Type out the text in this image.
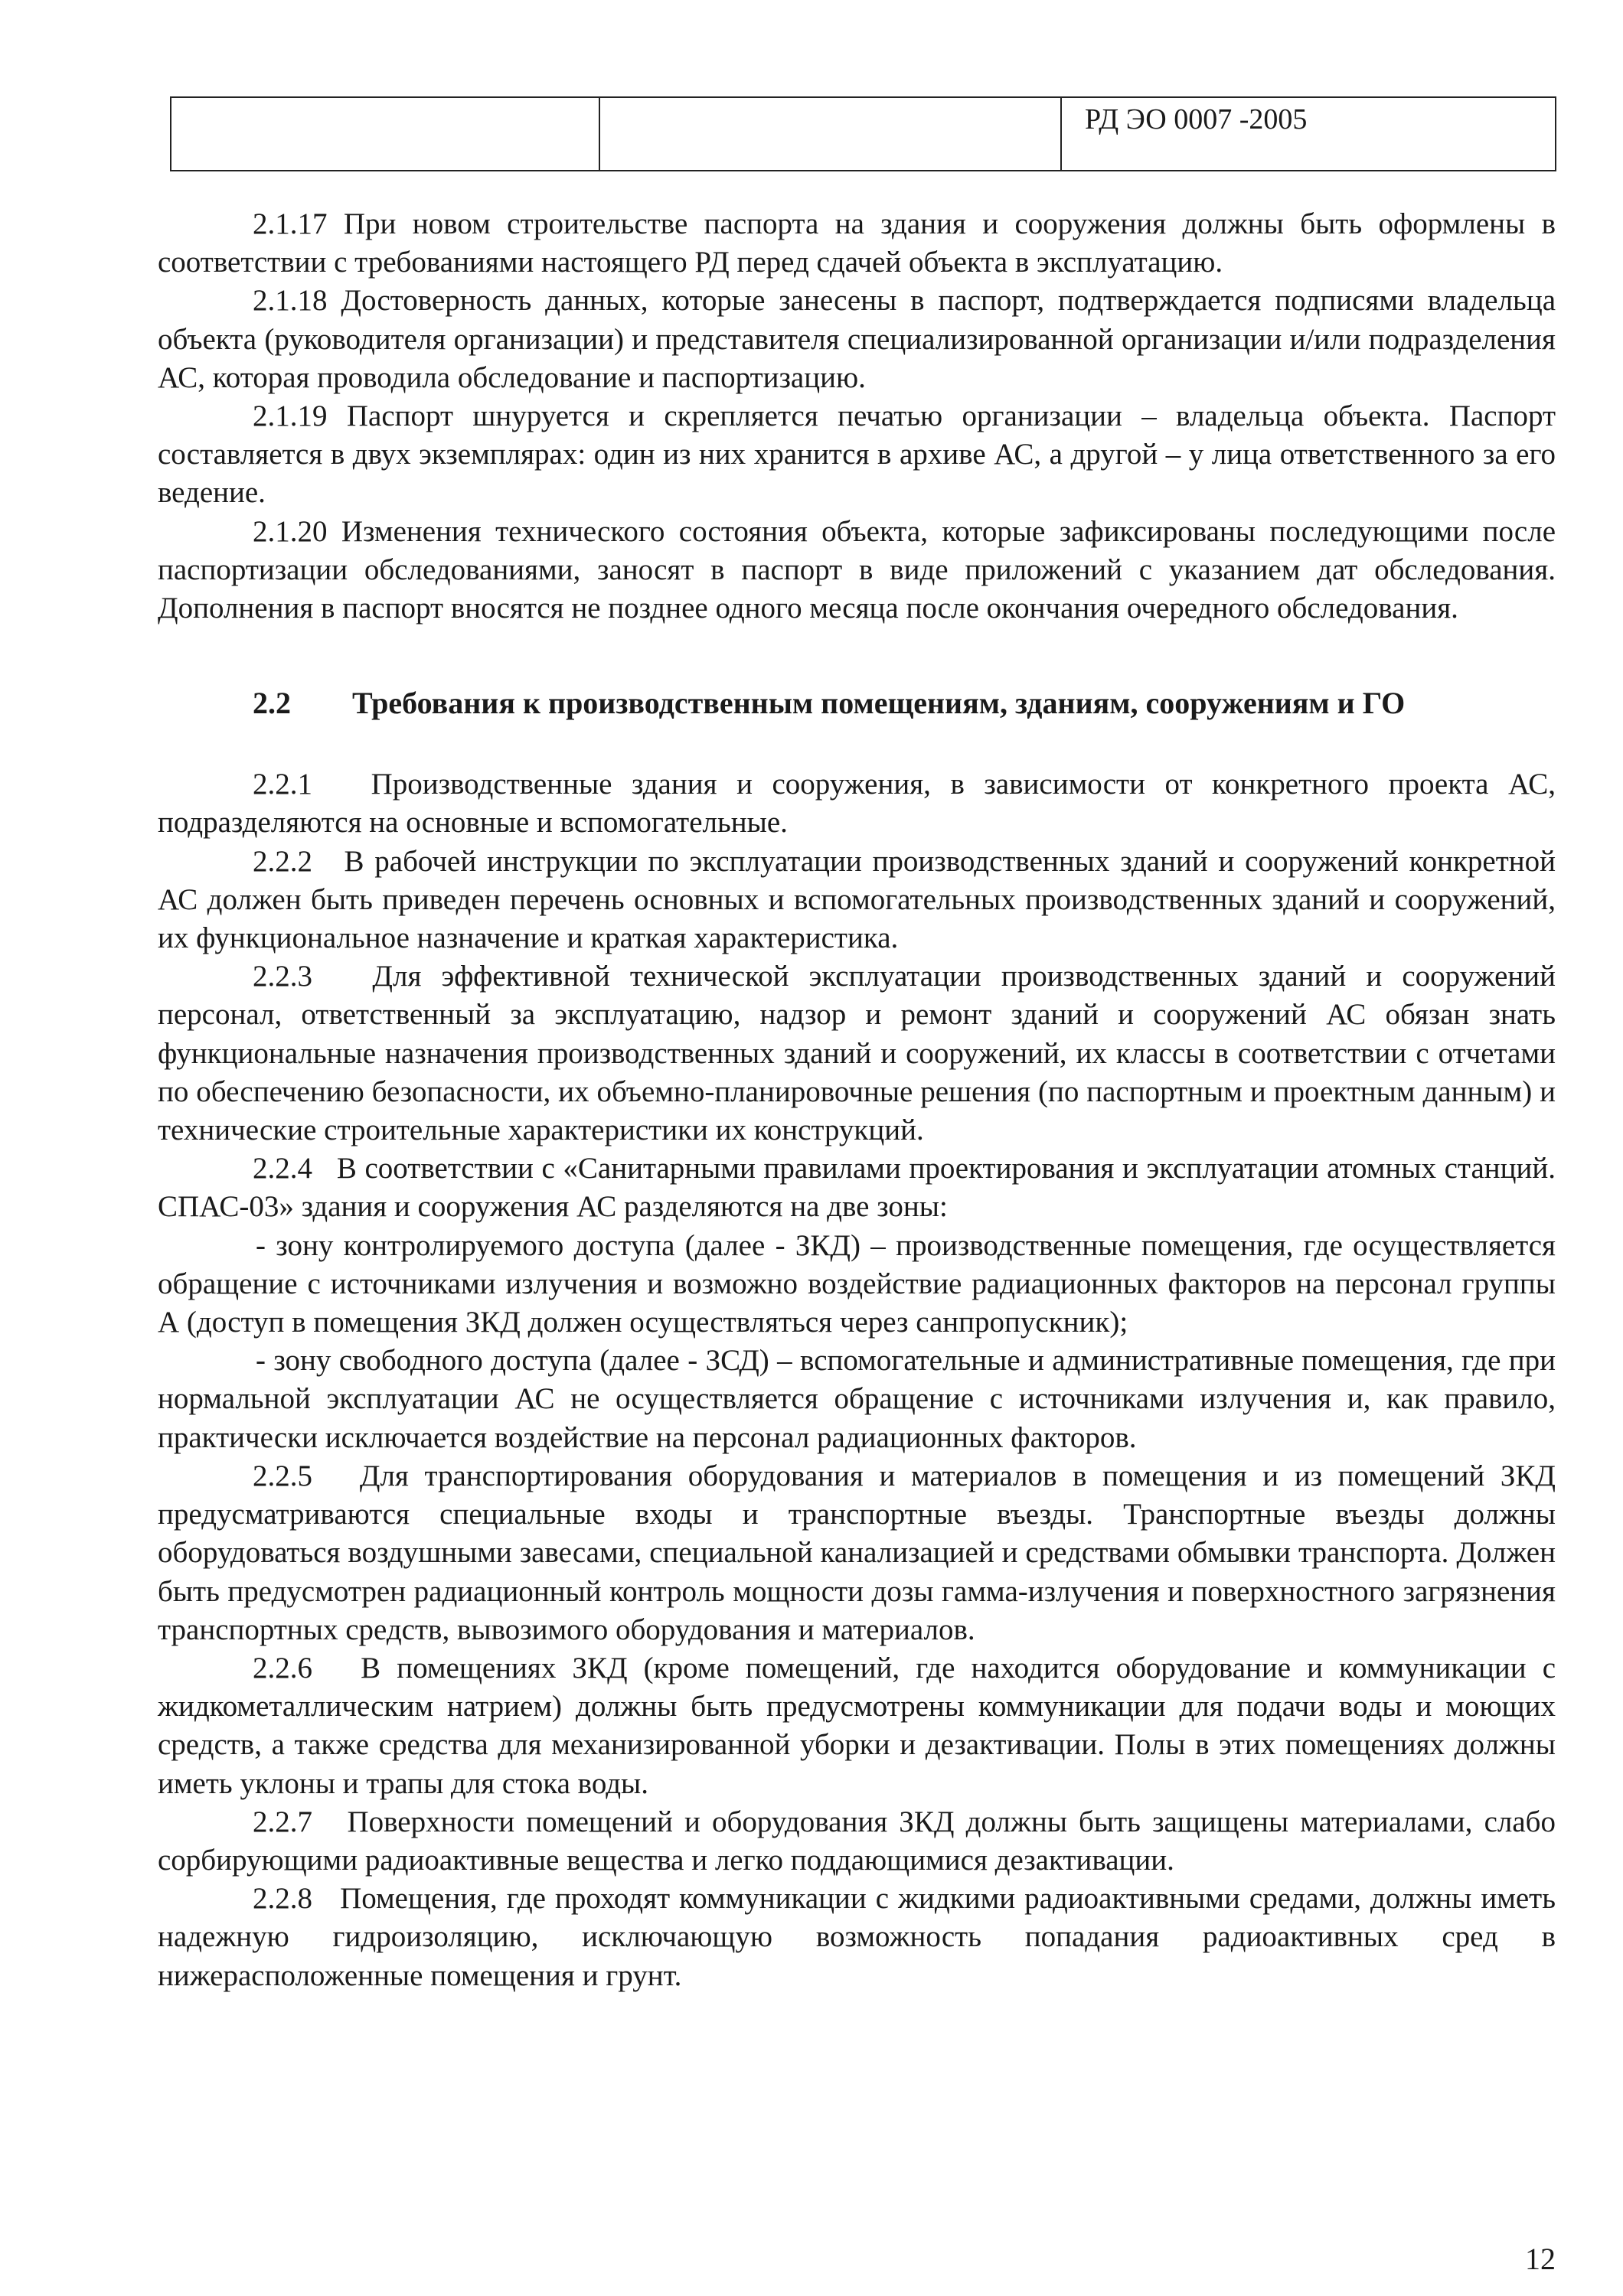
		РД ЭО 0007 -2005

2.1.17 При новом строительстве паспорта на здания и сооружения должны быть оформлены в соответствии с требованиями настоящего РД перед сдачей объекта в эксплуатацию.

2.1.18 Достоверность данных, которые занесены в паспорт, подтверждается подписями владельца объекта (руководителя организации) и представителя специализированной организации и/или подразделения АС, которая проводила обследование и паспортизацию.

2.1.19 Паспорт шнуруется и скрепляется печатью организации – владельца объекта. Паспорт составляется в двух экземплярах: один из них хранится в архиве АС, а другой – у лица ответственного за его ведение.

2.1.20 Изменения технического состояния объекта, которые зафиксированы последующими после паспортизации обследованиями, заносят в паспорт в виде приложений с указанием дат обследования. Дополнения в паспорт вносятся не позднее одного месяца после окончания очередного обследования.

2.2 Требования к производственным помещениям, зданиям, сооружениям и ГО

2.2.1 Производственные здания и сооружения, в зависимости от конкретного проекта АС, подразделяются на основные и вспомогательные.

2.2.2 В рабочей инструкции по эксплуатации производственных зданий и сооружений конкретной АС должен быть приведен перечень основных и вспомогательных производственных зданий и сооружений, их функциональное назначение и краткая характеристика.

2.2.3 Для эффективной технической эксплуатации производственных зданий и сооружений персонал, ответственный за эксплуатацию, надзор и ремонт зданий и сооружений АС обязан знать функциональные назначения производственных зданий и сооружений, их классы в соответствии с отчетами по обеспечению безопасности, их объемно-планировочные решения (по паспортным и проектным данным) и технические строительные характеристики их конструкций.

2.2.4 В соответствии с «Санитарными правилами проектирования и эксплуатации атомных станций. СПАС-03» здания и сооружения АС разделяются на две зоны:

- зону контролируемого доступа (далее - ЗКД) – производственные помещения, где осуществляется обращение с источниками излучения и возможно воздействие радиационных факторов на персонал группы А (доступ в помещения ЗКД должен осуществляться через санпропускник);

- зону свободного доступа (далее - ЗСД) – вспомогательные и административные помещения, где при нормальной эксплуатации АС не осуществляется обращение с источниками излучения и, как правило, практически исключается воздействие на персонал радиационных факторов.

2.2.5 Для транспортирования оборудования и материалов в помещения и из помещений ЗКД предусматриваются специальные входы и транспортные въезды. Транспортные въезды должны оборудоваться воздушными завесами, специальной канализацией и средствами обмывки транспорта. Должен быть предусмотрен радиационный контроль мощности дозы гамма-излучения и поверхностного загрязнения транспортных средств, вывозимого оборудования и материалов.

2.2.6 В помещениях ЗКД (кроме помещений, где находится оборудование и коммуникации с жидкометаллическим натрием) должны быть предусмотрены коммуникации для подачи воды и моющих средств, а также средства для механизированной уборки и дезактивации. Полы в этих помещениях должны иметь уклоны и трапы для стока воды.

2.2.7 Поверхности помещений и оборудования ЗКД должны быть защищены материалами, слабо сорбирующими радиоактивные вещества и легко поддающимися дезактивации.

2.2.8 Помещения, где проходят коммуникации с жидкими радиоактивными средами, должны иметь надежную гидроизоляцию, исключающую возможность попадания радиоактивных сред в нижерасположенные помещения и грунт.

12
